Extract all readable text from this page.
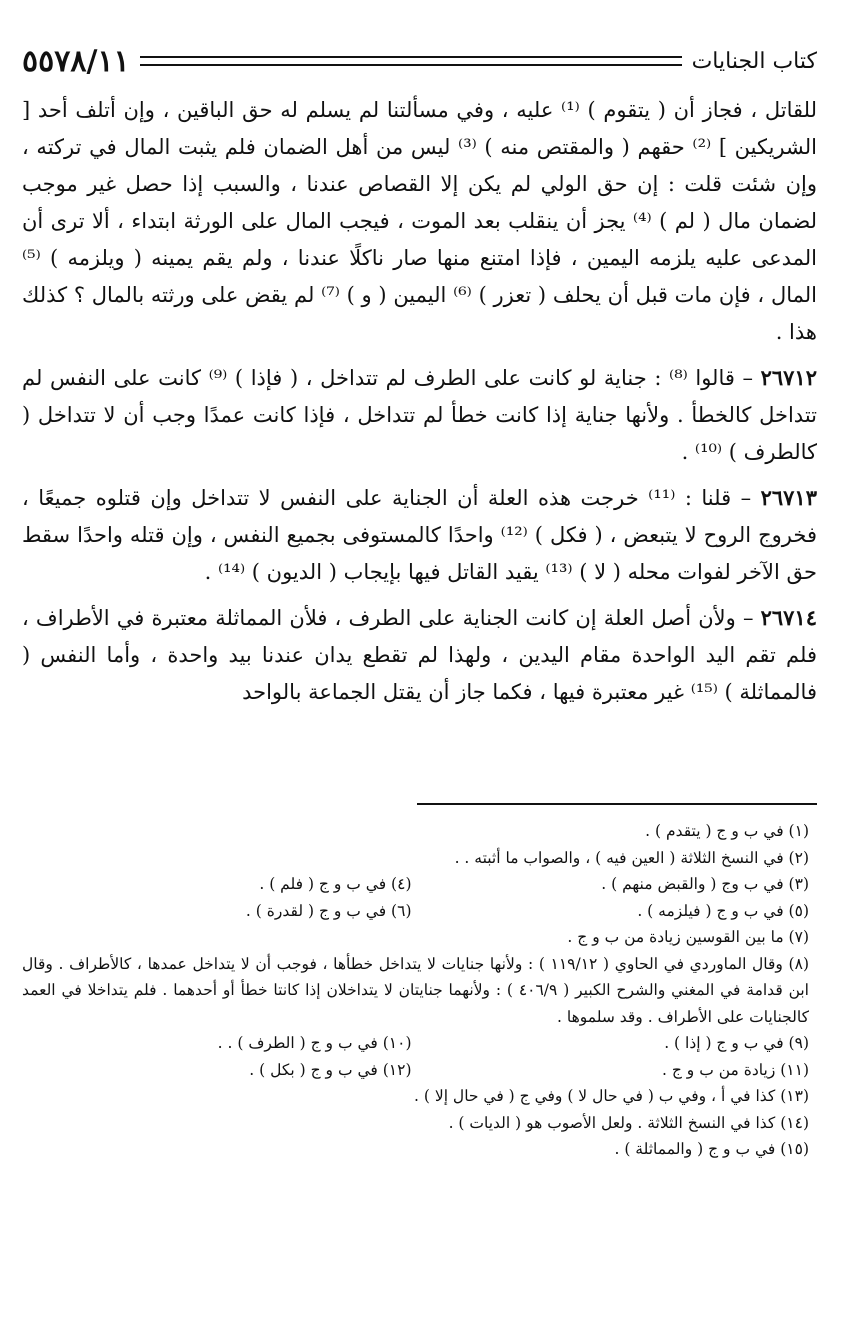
كتاب الجنايات
٥٥٧٨/١١

للقاتل ، فجاز أن ( يتقوم ) ⁽¹⁾ عليه ، وفي مسألتنا لم يسلم له حق الباقين ، وإن أتلف أحد [ الشريكين ] ⁽²⁾ حقهم ( والمقتص منه ) ⁽³⁾ ليس من أهل الضمان فلم يثبت المال في تركته ، وإن شئت قلت : إن حق الولي لم يكن إلا القصاص عندنا ، والسبب إذا حصل غير موجب لضمان مال ( لم ) ⁽⁴⁾ يجز أن ينقلب بعد الموت ، فيجب المال على الورثة ابتداء ، ألا ترى أن المدعى عليه يلزمه اليمين ، فإذا امتنع منها صار ناكلًا عندنا ، ولم يقم يمينه ( ويلزمه ) ⁽⁵⁾ المال ، فإن مات قبل أن يحلف ( تعزر ) ⁽⁶⁾ اليمين ( و ) ⁽⁷⁾ لم يقض على ورثته بالمال ؟ كذلك هذا .

٢٦٧١٢ – قالوا ⁽⁸⁾ : جناية لو كانت على الطرف لم تتداخل ، ( فإذا ) ⁽⁹⁾ كانت على النفس لم تتداخل كالخطأ . ولأنها جناية إذا كانت خطأ لم تتداخل ، فإذا كانت عمدًا وجب أن لا تتداخل ( كالطرف ) ⁽¹⁰⁾ .

٢٦٧١٣ – قلنا : ⁽¹¹⁾ خرجت هذه العلة أن الجناية على النفس لا تتداخل وإن قتلوه جميعًا ، فخروج الروح لا يتبعض ، ( فكل ) ⁽¹²⁾ واحدًا كالمستوفى بجميع النفس ، وإن قتله واحدًا سقط حق الآخر لفوات محله ( لا ) ⁽¹³⁾ يقيد القاتل فيها بإيجاب ( الديون ) ⁽¹⁴⁾ .

٢٦٧١٤ – ولأن أصل العلة إن كانت الجناية على الطرف ، فلأن المماثلة معتبرة في الأطراف ، فلم تقم اليد الواحدة مقام اليدين ، ولهذا لم تقطع يدان عندنا بيد واحدة ، وأما النفس ( فالمماثلة ) ⁽¹⁵⁾ غير معتبرة فيها ، فكما جاز أن يقتل الجماعة بالواحد

(١) في ب و ج ( يتقدم ) .

(٢) في النسخ الثلاثة ( العين فيه ) ، والصواب ما أثبته . .

(٣) في ب وج ( والقبض منهم ) .

(٤) في ب و ج ( فلم ) .

(٥) في ب و ج ( فيلزمه ) .

(٦) في ب و ج ( لقدرة ) .

(٧) ما بين القوسين زيادة من ب و ج .

(٨) وقال الماوردي في الحاوي ( ١١٩/١٢ ) : ولأنها جنايات لا يتداخل خطأها ، فوجب أن لا يتداخل عمدها ، كالأطراف . وقال ابن قدامة في المغني والشرح الكبير ( ٤٠٦/٩ ) : ولأنهما جنايتان لا يتداخلان إذا كانتا خطأ أو أحدهما . فلم يتداخلا في العمد كالجنايات على الأطراف . وقد سلموها .

(٩) في ب و ج ( إذا ) .

(١٠) في ب و ج ( الطرف ) . .

(١١) زيادة من ب و ج .

(١٢) في ب و ج ( بكل ) .

(١٣) كذا في أ ، وفي ب ( في حال لا ) وفي ج ( في حال إلا ) .

(١٤) كذا في النسخ الثلاثة . ولعل الأصوب هو ( الديات ) .

(١٥) في ب و ج ( والمماثلة ) .
